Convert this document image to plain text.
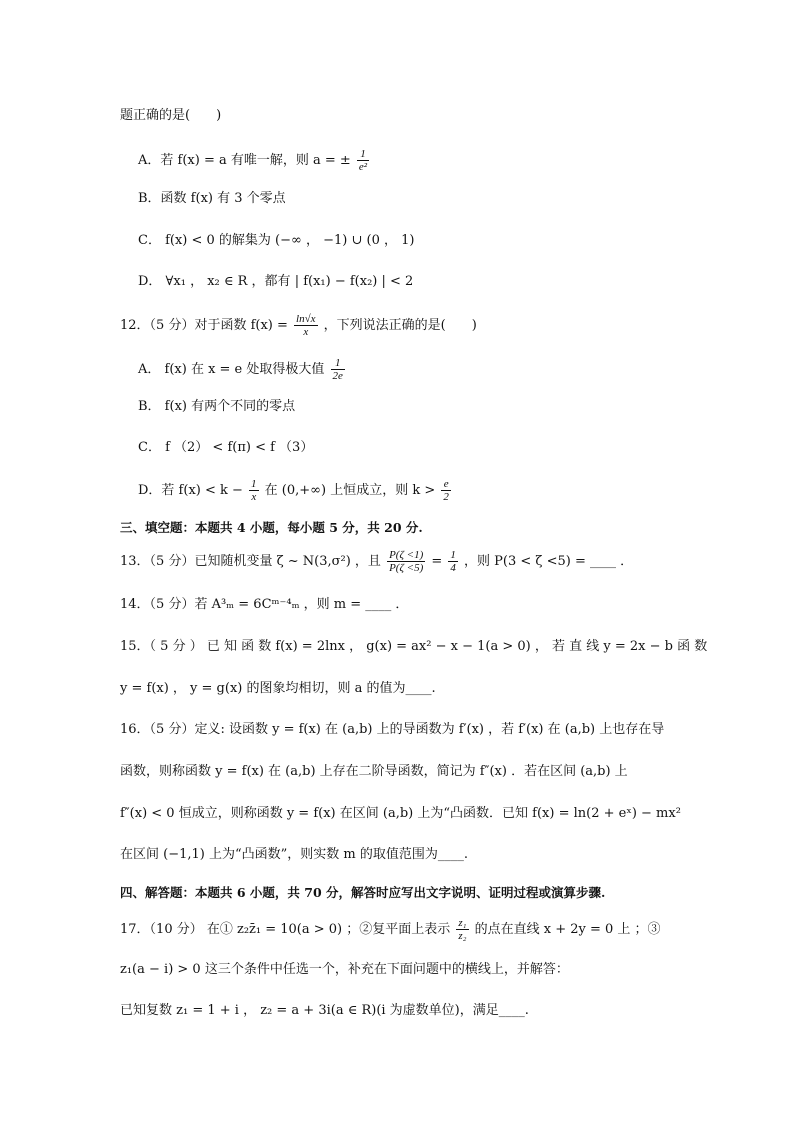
题正确的是(　　)
A．若 f(x) = a 有唯一解，则 a = ± $\frac{1}{\text{e²}}$
B．函数 f(x) 有 3 个零点
C． f(x) < 0 的解集为 (−∞ ， −1) ∪ (0 ， 1)
D． ∀x₁ ， x₂ ∈ R ，都有 | f(x₁) − f(x₂) | < 2
12．（5 分）对于函数 $f(x) = \frac{\ln√x}{x}$ ，下列说法正确的是(　　)
A． f(x) 在 x = e 处取得极大值 $\frac{1}{2e}$
B． f(x) 有两个不同的零点
C． f （2） < f(π) < f （3）
D．若 $f(x) < k - \frac{1}{x}$ 在 (0,+∞) 上恒成立，则 $k > \frac{e}{2}$
三、填空题：本题共 4 小题，每小题 5 分，共 20 分.
13．（5 分）已知随机变量 ζ ~ N(3,σ²) ，且 $\frac{P(\zeta <1)}{P(\zeta <5)} = \frac{1}{4}$ ，则 P(3 < ζ <5) = ____ ．
14．（5 分）若 A³ₘ = 6Cᵐ⁻⁴ₘ ，则 m = ____ ．
15．（ 5 分 ） 已 知 函 数 f(x) = 2lnx ， g(x) = ax² − x − 1(a > 0) ， 若 直 线 y = 2x − b 函 数
y = f(x) ， y = g(x) 的图象均相切，则 a 的值为____.
16．（5 分）定义: 设函数 y = f(x) 在 (a,b) 上的导函数为 f′(x) ，若 f′(x) 在 (a,b) 上也存在导
函数，则称函数 y = f(x) 在 (a,b) 上存在二阶导函数，简记为 f″(x) ．若在区间 (a,b) 上
f″(x) < 0 恒成立，则称函数 y = f(x) 在区间 (a,b) 上为“凸函数．已知 f(x) = ln(2 + eˣ) − mx²
在区间 (−1,1) 上为“凸函数”，则实数 m 的取值范围为____.
四、解答题：本题共 6 小题，共 70 分，解答时应写出文字说明、证明过程或演算步骤.
17．（10 分） 在① z₂z̄₁ = 10(a > 0) ；②复平面上表示 $\frac{\text{z₁}}{\text{z₂}}$ 的点在直线 x + 2y = 0 上 ；③
z₁(a − i) > 0 这三个条件中任选一个，补充在下面问题中的横线上，并解答：
已知复数 z₁ = 1 + i ， z₂ = a + 3i(a ∈ R)(i 为虚数单位)，满足____.
